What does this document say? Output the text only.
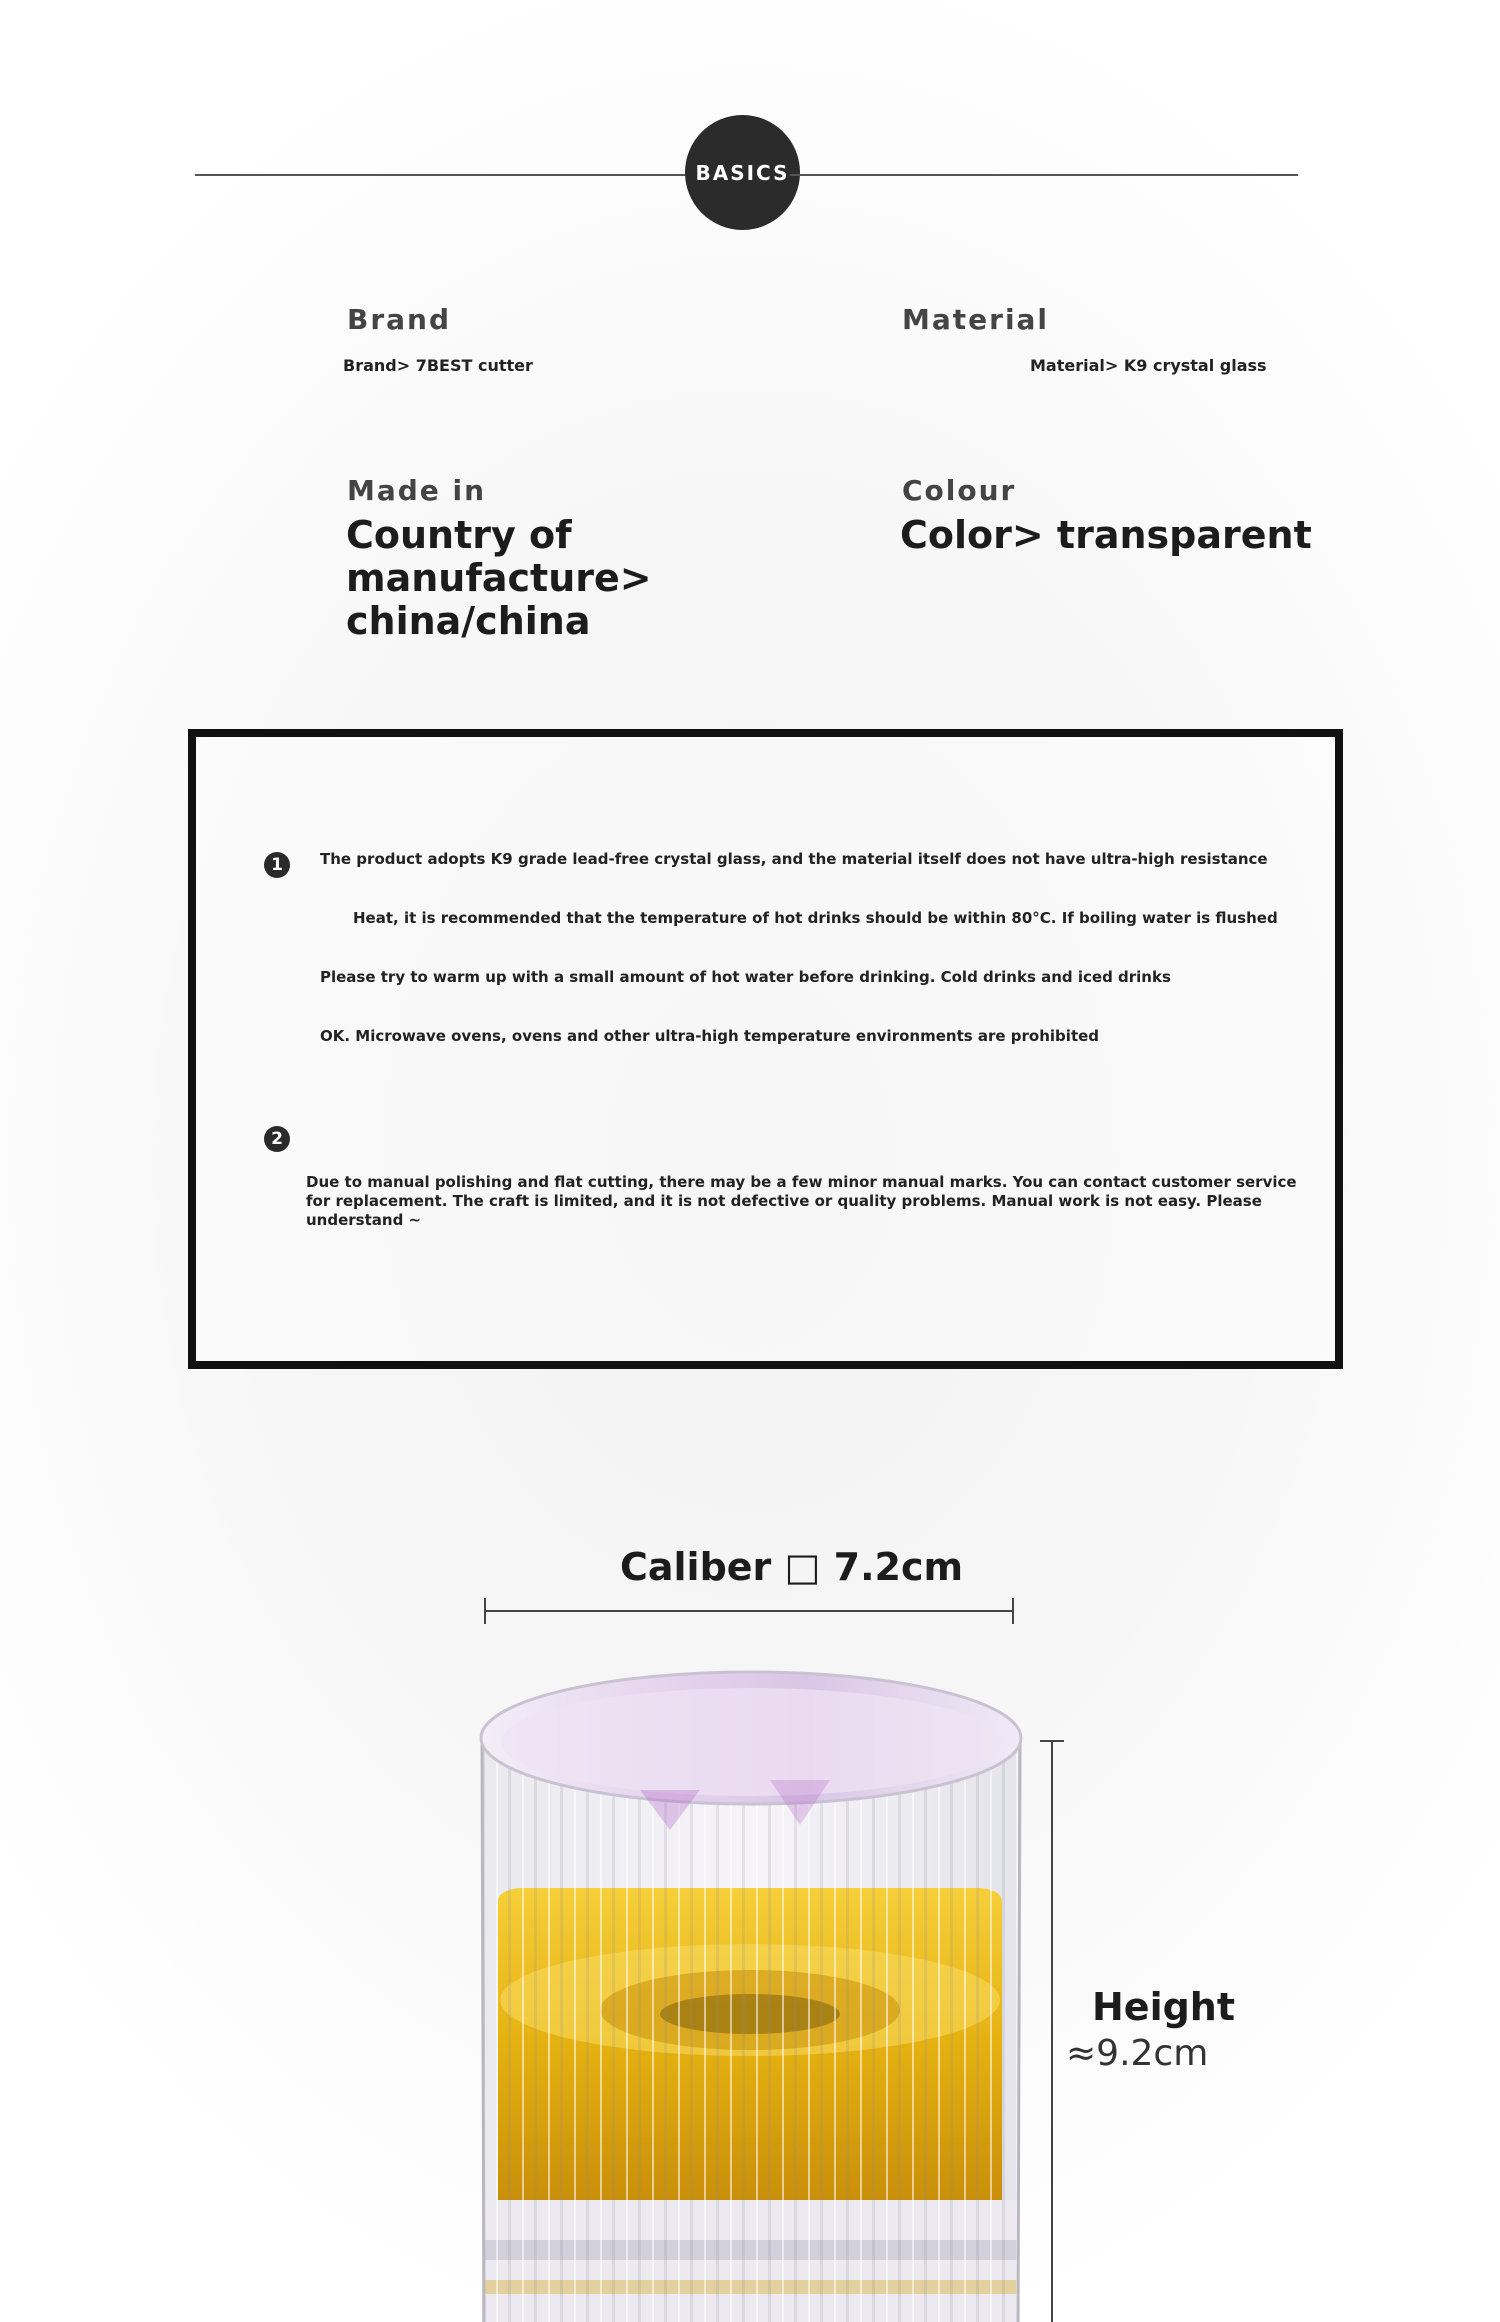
BASICS
Brand
Brand> 7BEST cutter
Material
Material> K9 crystal glass
Made in
Country of
manufacture>
china/china
Colour
Color> transparent
1	The product adopts K9 grade lead-free crystal glass, and the material itself does not have ultra-high resistance
Heat, it is recommended that the temperature of hot drinks should be within 80°C. If boiling water is flushed
Please try to warm up with a small amount of hot water before drinking. Cold drinks and iced drinks
OK. Microwave ovens, ovens and other ultra-high temperature environments are prohibited
2
Due to manual polishing and flat cutting, there may be a few minor manual marks. You can contact customer service for replacement. The craft is limited, and it is not defective or quality problems. Manual work is not easy. Please understand ~
Caliber □ 7.2cm
Height
≈9.2cm
